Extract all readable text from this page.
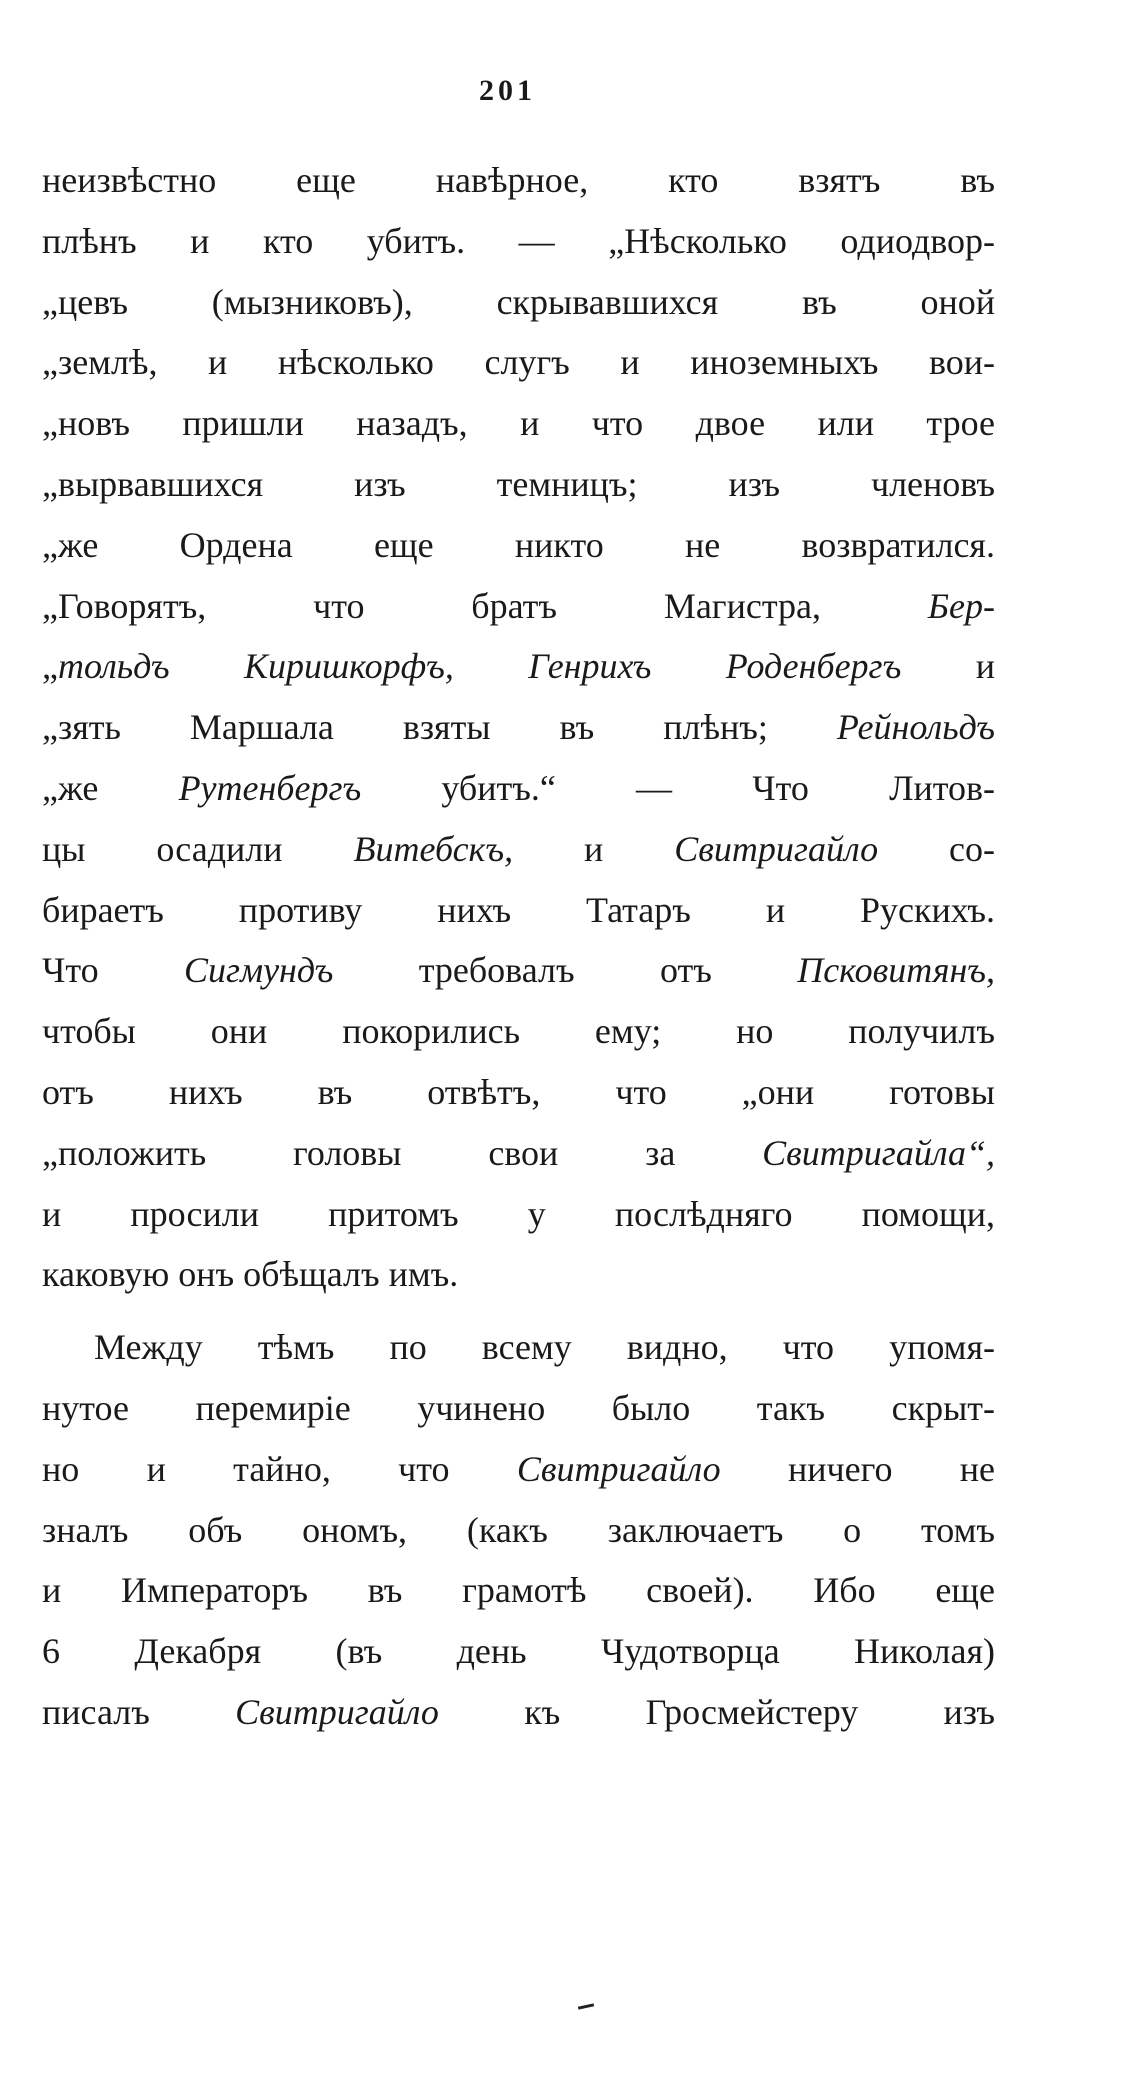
201
неизвѣстно еще навѣрное, кто взятъ въ
плѣнъ и кто убитъ. — „Нѣсколько одиодвор-
„цевъ (мызниковъ), скрывавшихся въ оной
„землѣ, и нѣсколько слугъ и иноземныхъ вои-
„новъ пришли назадъ, и что двое или трое
„вырвавшихся изъ темницъ; изъ членовъ
„же Ордена еще никто не возвратился.
„Говорятъ, что братъ Магистра, Бер-
„тольдъ Киришкорфъ, Генрихъ Роденбергъ и
„зять Маршала взяты въ плѣнъ; Рейнольдъ
„же Рутенбергъ убитъ.“ — Что Литов-
цы осадили Витебскъ, и Свитригайло со-
бираетъ противу нихъ Татаръ и Рускихъ.
Что Сигмундъ требовалъ отъ Псковитянъ,
чтобы они покорились ему; но получилъ
отъ нихъ въ отвѣтъ, что „они готовы
„положить головы свои за Свитригайла“,
и просили притомъ у послѣдняго помощи,
каковую онъ обѣщалъ имъ.
Между тѣмъ по всему видно, что упомя-
нутое перемиріе учинено было такъ скрыт-
но и тайно, что Свитригайло ничего не
зналъ объ ономъ, (какъ заключаетъ о томъ
и Императоръ въ грамотѣ своей). Ибо еще
6 Декабря (въ день Чудотворца Николая)
писалъ Свитригайло къ Гросмейстеру изъ
